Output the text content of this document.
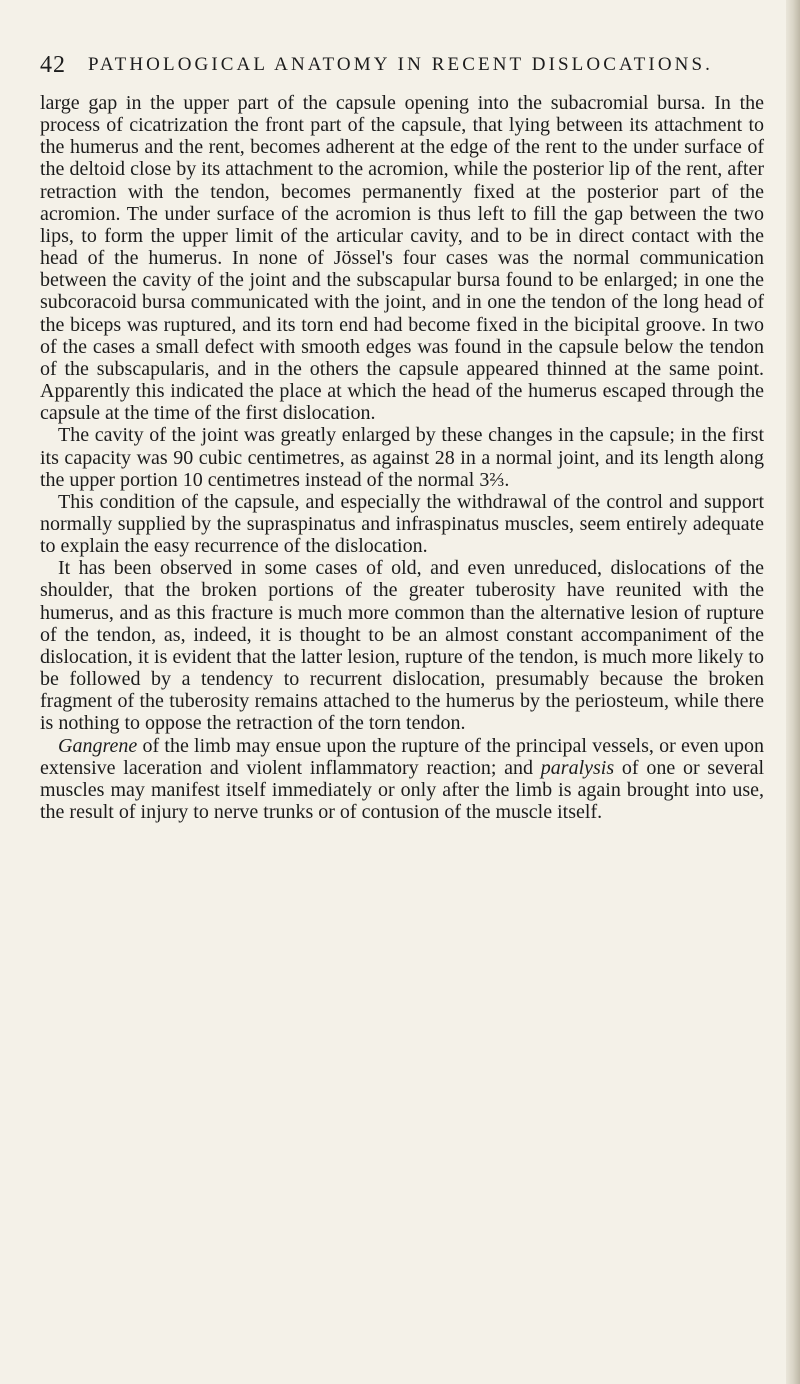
42 PATHOLOGICAL ANATOMY IN RECENT DISLOCATIONS.

large gap in the upper part of the capsule opening into the subacromial bursa. In the process of cicatrization the front part of the capsule, that lying between its attachment to the humerus and the rent, becomes adherent at the edge of the rent to the under surface of the deltoid close by its attachment to the acromion, while the posterior lip of the rent, after retraction with the tendon, becomes permanently fixed at the posterior part of the acromion. The under surface of the acromion is thus left to fill the gap between the two lips, to form the upper limit of the articular cavity, and to be in direct contact with the head of the humerus. In none of Jössel's four cases was the normal communication between the cavity of the joint and the subscapular bursa found to be enlarged; in one the subcoracoid bursa communicated with the joint, and in one the tendon of the long head of the biceps was ruptured, and its torn end had become fixed in the bicipital groove. In two of the cases a small defect with smooth edges was found in the capsule below the tendon of the subscapularis, and in the others the capsule appeared thinned at the same point. Apparently this indicated the place at which the head of the humerus escaped through the capsule at the time of the first dislocation.

The cavity of the joint was greatly enlarged by these changes in the capsule; in the first its capacity was 90 cubic centimetres, as against 28 in a normal joint, and its length along the upper portion 10 centimetres instead of the normal 3⅔.

This condition of the capsule, and especially the withdrawal of the control and support normally supplied by the supraspinatus and infraspinatus muscles, seem entirely adequate to explain the easy recurrence of the dislocation.

It has been observed in some cases of old, and even unreduced, dislocations of the shoulder, that the broken portions of the greater tuberosity have reunited with the humerus, and as this fracture is much more common than the alternative lesion of rupture of the tendon, as, indeed, it is thought to be an almost constant accompaniment of the dislocation, it is evident that the latter lesion, rupture of the tendon, is much more likely to be followed by a tendency to recurrent dislocation, presumably because the broken fragment of the tuberosity remains attached to the humerus by the periosteum, while there is nothing to oppose the retraction of the torn tendon.

Gangrene of the limb may ensue upon the rupture of the principal vessels, or even upon extensive laceration and violent inflammatory reaction; and paralysis of one or several muscles may manifest itself immediately or only after the limb is again brought into use, the result of injury to nerve trunks or of contusion of the muscle itself.
